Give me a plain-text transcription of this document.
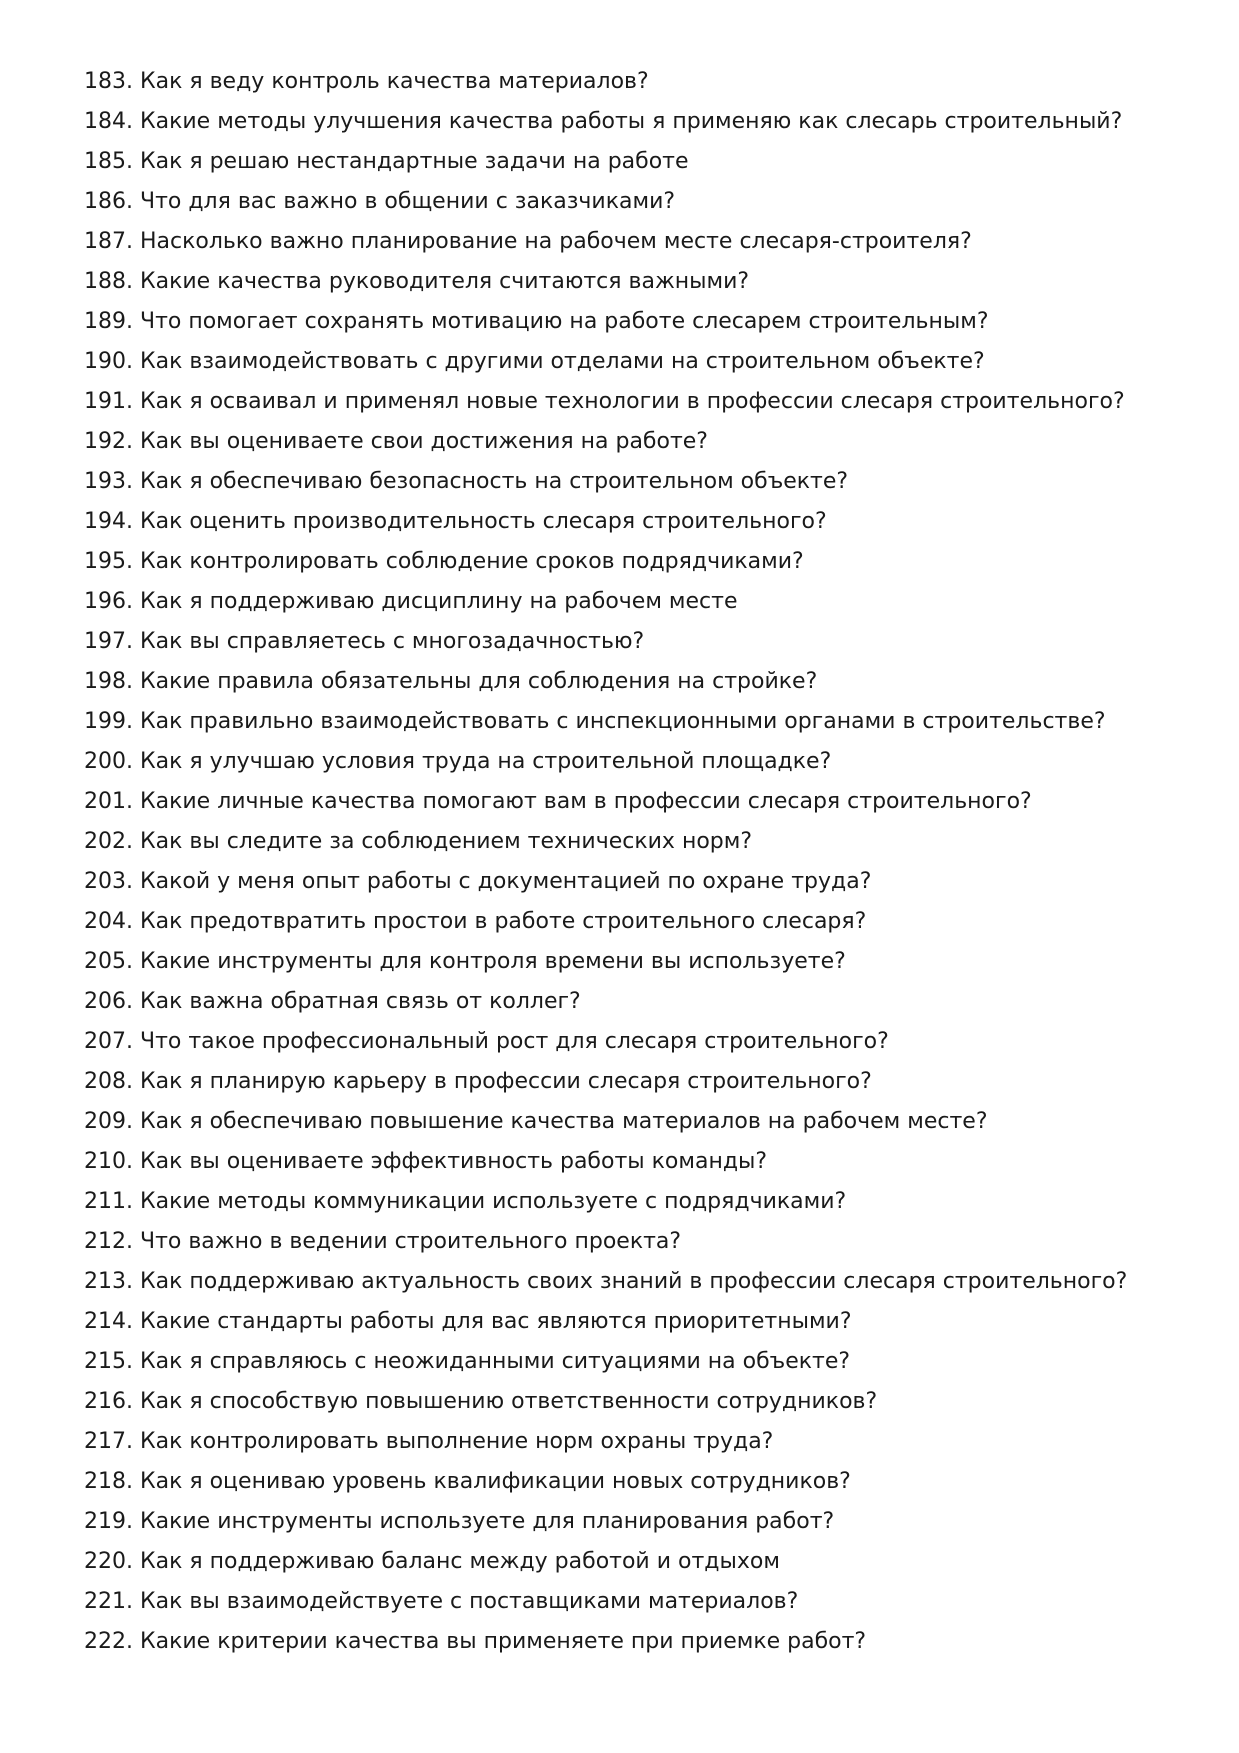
183. Как я веду контроль качества материалов?
184. Какие методы улучшения качества работы я применяю как слесарь строительный?
185. Как я решаю нестандартные задачи на работе
186. Что для вас важно в общении с заказчиками?
187. Насколько важно планирование на рабочем месте слесаря-строителя?
188. Какие качества руководителя считаются важными?
189. Что помогает сохранять мотивацию на работе слесарем строительным?
190. Как взаимодействовать с другими отделами на строительном объекте?
191. Как я осваивал и применял новые технологии в профессии слесаря строительного?
192. Как вы оцениваете свои достижения на работе?
193. Как я обеспечиваю безопасность на строительном объекте?
194. Как оценить производительность слесаря строительного?
195. Как контролировать соблюдение сроков подрядчиками?
196. Как я поддерживаю дисциплину на рабочем месте
197. Как вы справляетесь с многозадачностью?
198. Какие правила обязательны для соблюдения на стройке?
199. Как правильно взаимодействовать с инспекционными органами в строительстве?
200. Как я улучшаю условия труда на строительной площадке?
201. Какие личные качества помогают вам в профессии слесаря строительного?
202. Как вы следите за соблюдением технических норм?
203. Какой у меня опыт работы с документацией по охране труда?
204. Как предотвратить простои в работе строительного слесаря?
205. Какие инструменты для контроля времени вы используете?
206. Как важна обратная связь от коллег?
207. Что такое профессиональный рост для слесаря строительного?
208. Как я планирую карьеру в профессии слесаря строительного?
209. Как я обеспечиваю повышение качества материалов на рабочем месте?
210. Как вы оцениваете эффективность работы команды?
211. Какие методы коммуникации используете с подрядчиками?
212. Что важно в ведении строительного проекта?
213. Как поддерживаю актуальность своих знаний в профессии слесаря строительного?
214. Какие стандарты работы для вас являются приоритетными?
215. Как я справляюсь с неожиданными ситуациями на объекте?
216. Как я способствую повышению ответственности сотрудников?
217. Как контролировать выполнение норм охраны труда?
218. Как я оцениваю уровень квалификации новых сотрудников?
219. Какие инструменты используете для планирования работ?
220. Как я поддерживаю баланс между работой и отдыхом
221. Как вы взаимодействуете с поставщиками материалов?
222. Какие критерии качества вы применяете при приемке работ?
